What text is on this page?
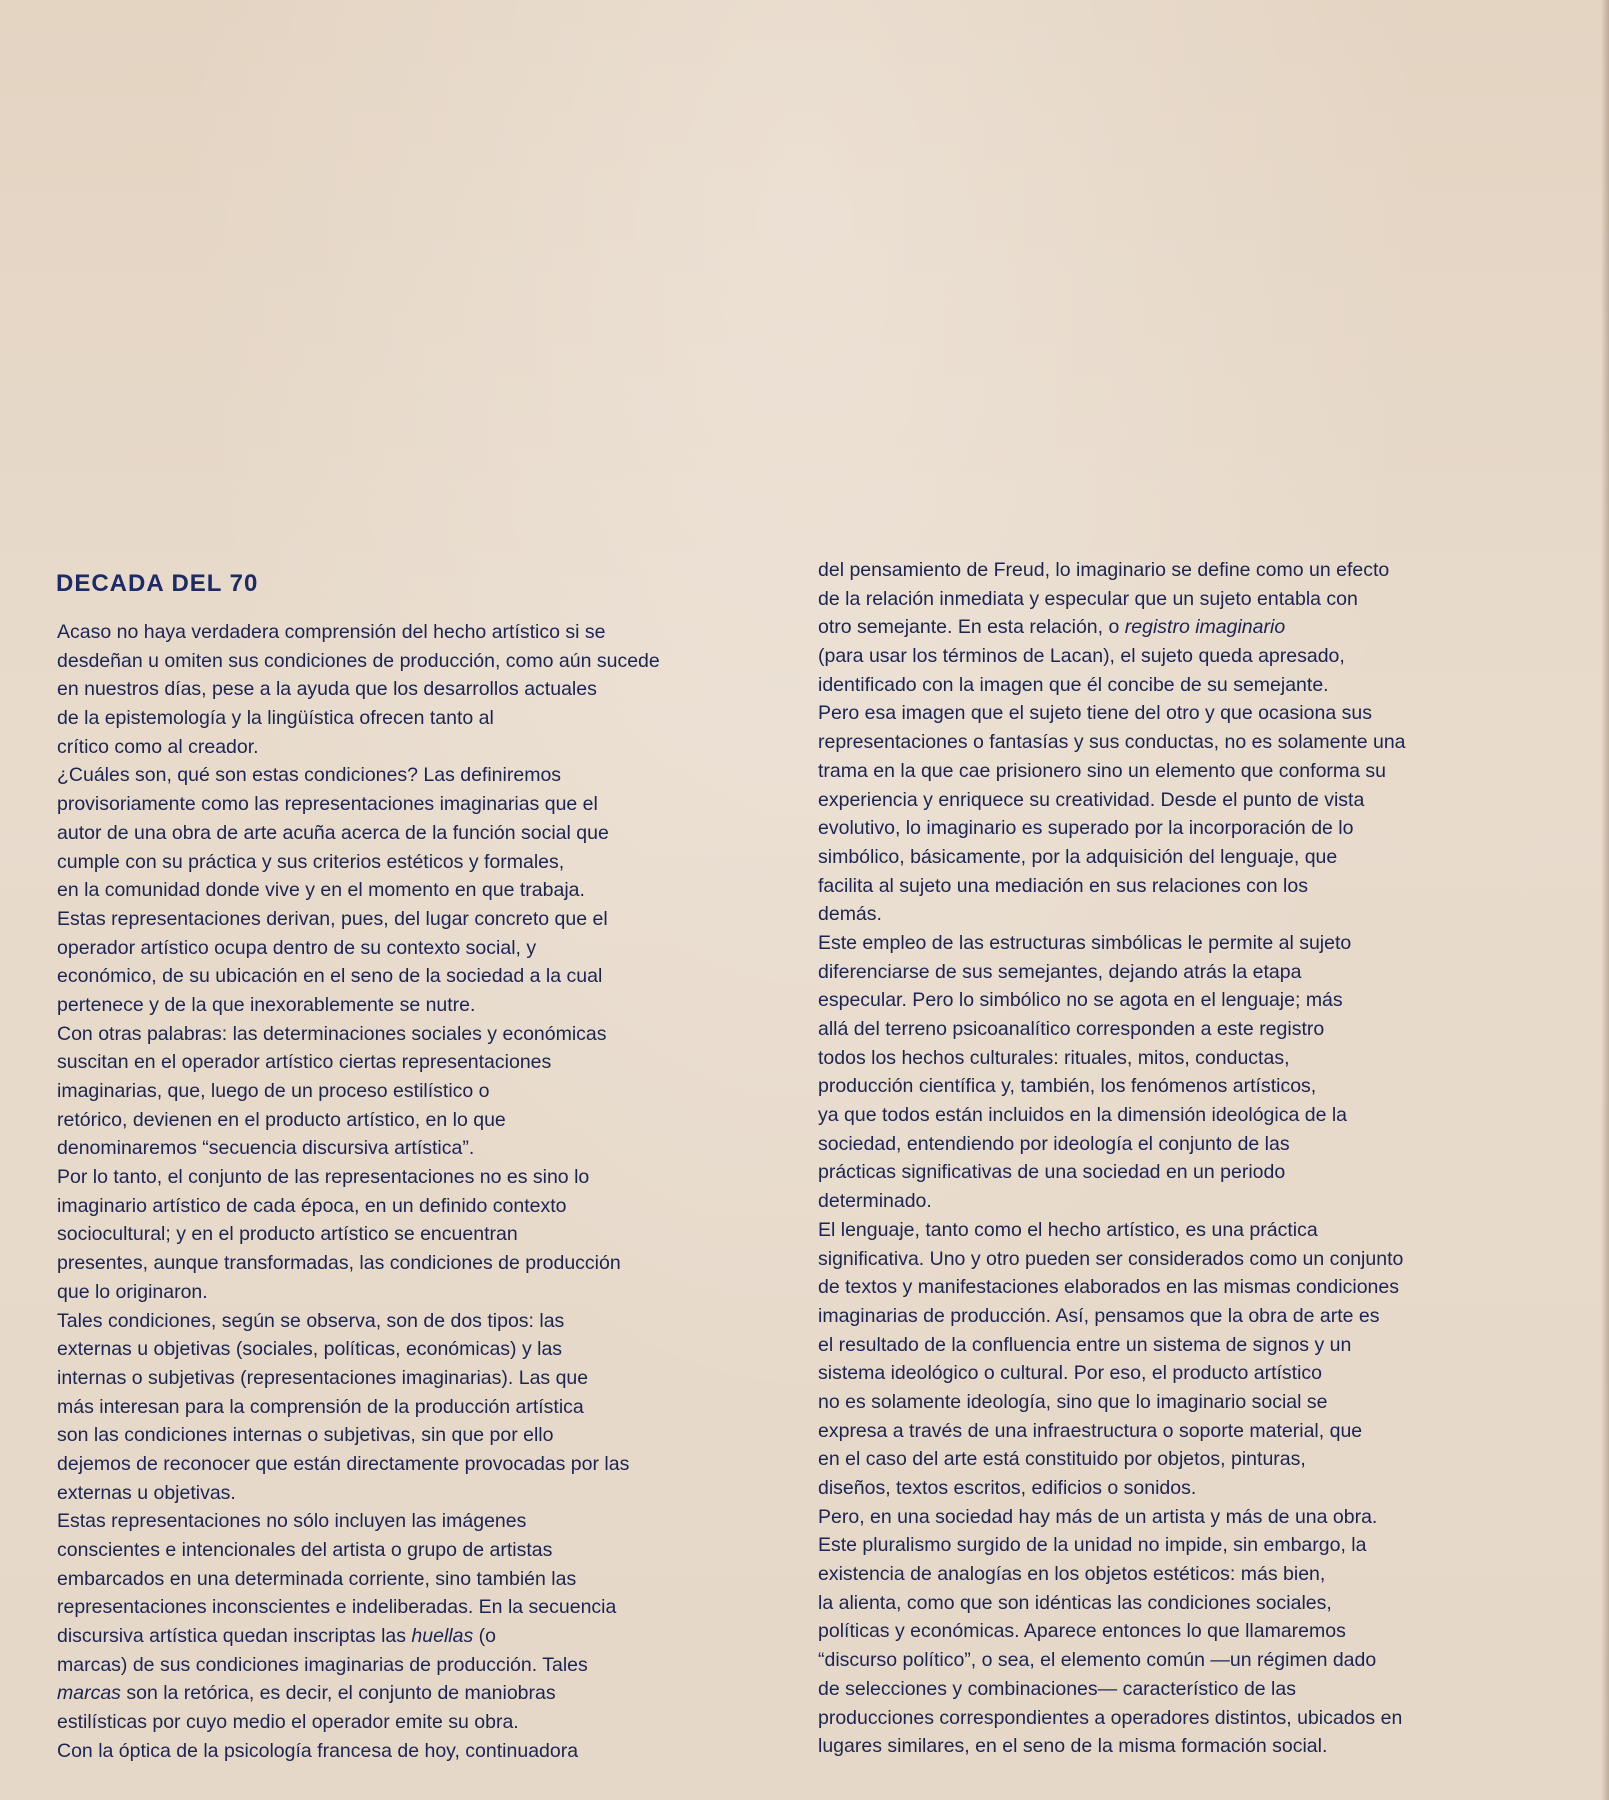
DECADA DEL 70
Acaso no haya verdadera comprensión del hecho artístico si se
desdeñan u omiten sus condiciones de producción, como aún sucede
en nuestros días, pese a la ayuda que los desarrollos actuales
de la epistemología y la lingüística ofrecen tanto al
crítico como al creador.
¿Cuáles son, qué son estas condiciones? Las definiremos
provisoriamente como las representaciones imaginarias que el
autor de una obra de arte acuña acerca de la función social que
cumple con su práctica y sus criterios estéticos y formales,
en la comunidad donde vive y en el momento en que trabaja.
Estas representaciones derivan, pues, del lugar concreto que el
operador artístico ocupa dentro de su contexto social, y
económico, de su ubicación en el seno de la sociedad a la cual
pertenece y de la que inexorablemente se nutre.
Con otras palabras: las determinaciones sociales y económicas
suscitan en el operador artístico ciertas representaciones
imaginarias, que, luego de un proceso estilístico o
retórico, devienen en el producto artístico, en lo que
denominaremos “secuencia discursiva artística”.
Por lo tanto, el conjunto de las representaciones no es sino lo
imaginario artístico de cada época, en un definido contexto
sociocultural; y en el producto artístico se encuentran
presentes, aunque transformadas, las condiciones de producción
que lo originaron.
Tales condiciones, según se observa, son de dos tipos: las
externas u objetivas (sociales, políticas, económicas) y las
internas o subjetivas (representaciones imaginarias). Las que
más interesan para la comprensión de la producción artística
son las condiciones internas o subjetivas, sin que por ello
dejemos de reconocer que están directamente provocadas por las
externas u objetivas.
Estas representaciones no sólo incluyen las imágenes
conscientes e intencionales del artista o grupo de artistas
embarcados en una determinada corriente, sino también las
representaciones inconscientes e indeliberadas. En la secuencia
discursiva artística quedan inscriptas las huellas (o
marcas) de sus condiciones imaginarias de producción. Tales
marcas son la retórica, es decir, el conjunto de maniobras
estilísticas por cuyo medio el operador emite su obra.
Con la óptica de la psicología francesa de hoy, continuadora
del pensamiento de Freud, lo imaginario se define como un efecto
de la relación inmediata y especular que un sujeto entabla con
otro semejante. En esta relación, o registro imaginario
(para usar los términos de Lacan), el sujeto queda apresado,
identificado con la imagen que él concibe de su semejante.
Pero esa imagen que el sujeto tiene del otro y que ocasiona sus
representaciones o fantasías y sus conductas, no es solamente una
trama en la que cae prisionero sino un elemento que conforma su
experiencia y enriquece su creatividad. Desde el punto de vista
evolutivo, lo imaginario es superado por la incorporación de lo
simbólico, básicamente, por la adquisición del lenguaje, que
facilita al sujeto una mediación en sus relaciones con los
demás.
Este empleo de las estructuras simbólicas le permite al sujeto
diferenciarse de sus semejantes, dejando atrás la etapa
especular. Pero lo simbólico no se agota en el lenguaje; más
allá del terreno psicoanalítico corresponden a este registro
todos los hechos culturales: rituales, mitos, conductas,
producción científica y, también, los fenómenos artísticos,
ya que todos están incluidos en la dimensión ideológica de la
sociedad, entendiendo por ideología el conjunto de las
prácticas significativas de una sociedad en un periodo
determinado.
El lenguaje, tanto como el hecho artístico, es una práctica
significativa. Uno y otro pueden ser considerados como un conjunto
de textos y manifestaciones elaborados en las mismas condiciones
imaginarias de producción. Así, pensamos que la obra de arte es
el resultado de la confluencia entre un sistema de signos y un
sistema ideológico o cultural. Por eso, el producto artístico
no es solamente ideología, sino que lo imaginario social se
expresa a través de una infraestructura o soporte material, que
en el caso del arte está constituido por objetos, pinturas,
diseños, textos escritos, edificios o sonidos.
Pero, en una sociedad hay más de un artista y más de una obra.
Este pluralismo surgido de la unidad no impide, sin embargo, la
existencia de analogías en los objetos estéticos: más bien,
la alienta, como que son idénticas las condiciones sociales,
políticas y económicas. Aparece entonces lo que llamaremos
“discurso político”, o sea, el elemento común —un régimen dado
de selecciones y combinaciones— característico de las
producciones correspondientes a operadores distintos, ubicados en
lugares similares, en el seno de la misma formación social.
